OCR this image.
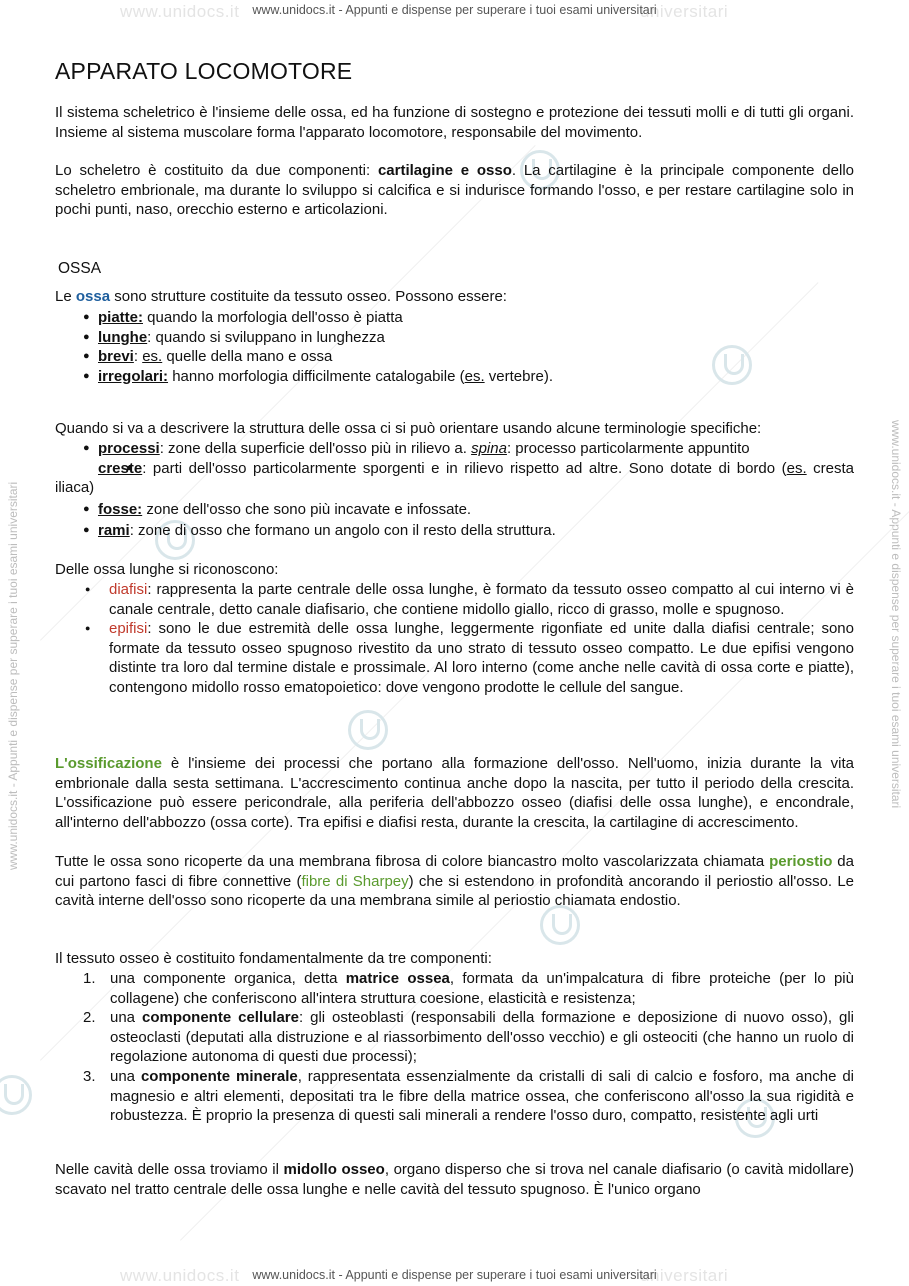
www.unidocs.it	universitari
www.unidocs.it - Appunti e dispense per superare i tuoi esami universitari
www.unidocs.it	universitari
www.unidocs.it - Appunti e dispense per superare i tuoi esami universitari
www.unidocs.it - Appunti e dispense per superare i tuoi esami universitari	www.unidocs.it - Appunti e dispense per superare i tuoi esami universitari
APPARATO LOCOMOTORE

Il sistema scheletrico è l'insieme delle ossa, ed ha funzione di sostegno e protezione dei tessuti molli e di tutti gli organi. Insieme al sistema muscolare forma l'apparato locomotore, responsabile del movimento.

Lo scheletro è costituito da due componenti: cartilagine e osso. La cartilagine è la principale componente dello scheletro embrionale, ma durante lo sviluppo si calcifica e si indurisce formando l'osso, e per restare cartilagine solo in pochi punti, naso, orecchio esterno e articolazioni.

OSSA

Le ossa sono strutture costituite da tessuto osseo. Possono essere:

● piatte: quando la morfologia dell'osso è piatta
● lunghe: quando si sviluppano in lunghezza
● brevi: es. quelle della mano e ossa
● irregolari: hanno morfologia difficilmente catalogabile (es. vertebre).

Quando si va a descrivere la struttura delle ossa ci si può orientare usando alcune terminologie specifiche:

● processi: zone della superficie dell'osso più in rilievo a. spina: processo particolarmente appuntito
● creste: parti dell'osso particolarmente sporgenti e in rilievo rispetto ad altre. Sono dotate di bordo (es. cresta iliaca)
● fosse: zone dell'osso che sono più incavate e infossate.
● rami: zone di osso che formano un angolo con il resto della struttura.

Delle ossa lunghe si riconoscono:

● diafisi: rappresenta la parte centrale delle ossa lunghe, è formato da tessuto osseo compatto al cui interno vi è canale centrale, detto canale diafisario, che contiene midollo giallo, ricco di grasso, molle e spugnoso.
● epifisi: sono le due estremità delle ossa lunghe, leggermente rigonfiate ed unite dalla diafisi centrale; sono formate da tessuto osseo spugnoso rivestito da uno strato di tessuto osseo compatto. Le due epifisi vengono distinte tra loro dal termine distale e prossimale. Al loro interno (come anche nelle cavità di ossa corte e piatte), contengono midollo rosso ematopoietico: dove vengono prodotte le cellule del sangue.

L'ossificazione è l'insieme dei processi che portano alla formazione dell'osso. Nell'uomo, inizia durante la vita embrionale dalla sesta settimana. L'accrescimento continua anche dopo la nascita, per tutto il periodo della crescita. L'ossificazione può essere pericondrale, alla periferia dell'abbozzo osseo (diafisi delle ossa lunghe), e encondrale, all'interno dell'abbozzo (ossa corte). Tra epifisi e diafisi resta, durante la crescita, la cartilagine di accrescimento.

Tutte le ossa sono ricoperte da una membrana fibrosa di colore biancastro molto vascolarizzata chiamata periostio da cui partono fasci di fibre connettive (fibre di Sharpey) che si estendono in profondità ancorando il periostio all'osso. Le cavità interne dell'osso sono ricoperte da una membrana simile al periostio chiamata endostio.

Il tessuto osseo è costituito fondamentalmente da tre componenti:

1. una componente organica, detta matrice ossea, formata da un'impalcatura di fibre proteiche (per lo più collagene) che conferiscono all'intera struttura coesione, elasticità e resistenza;
2. una componente cellulare: gli osteoblasti (responsabili della formazione e deposizione di nuovo osso), gli osteoclasti (deputati alla distruzione e al riassorbimento dell'osso vecchio) e gli osteociti (che hanno un ruolo di regolazione autonoma di questi due processi);
3. una componente minerale, rappresentata essenzialmente da cristalli di sali di calcio e fosforo, ma anche di magnesio e altri elementi, depositati tra le fibre della matrice ossea, che conferiscono all'osso la sua rigidità e robustezza. È proprio la presenza di questi sali minerali a rendere l'osso duro, compatto, resistente agli urti

Nelle cavità delle ossa troviamo il midollo osseo, organo disperso che si trova nel canale diafisario (o cavità midollare) scavato nel tratto centrale delle ossa lunghe e nelle cavità del tessuto spugnoso. È l'unico organo
